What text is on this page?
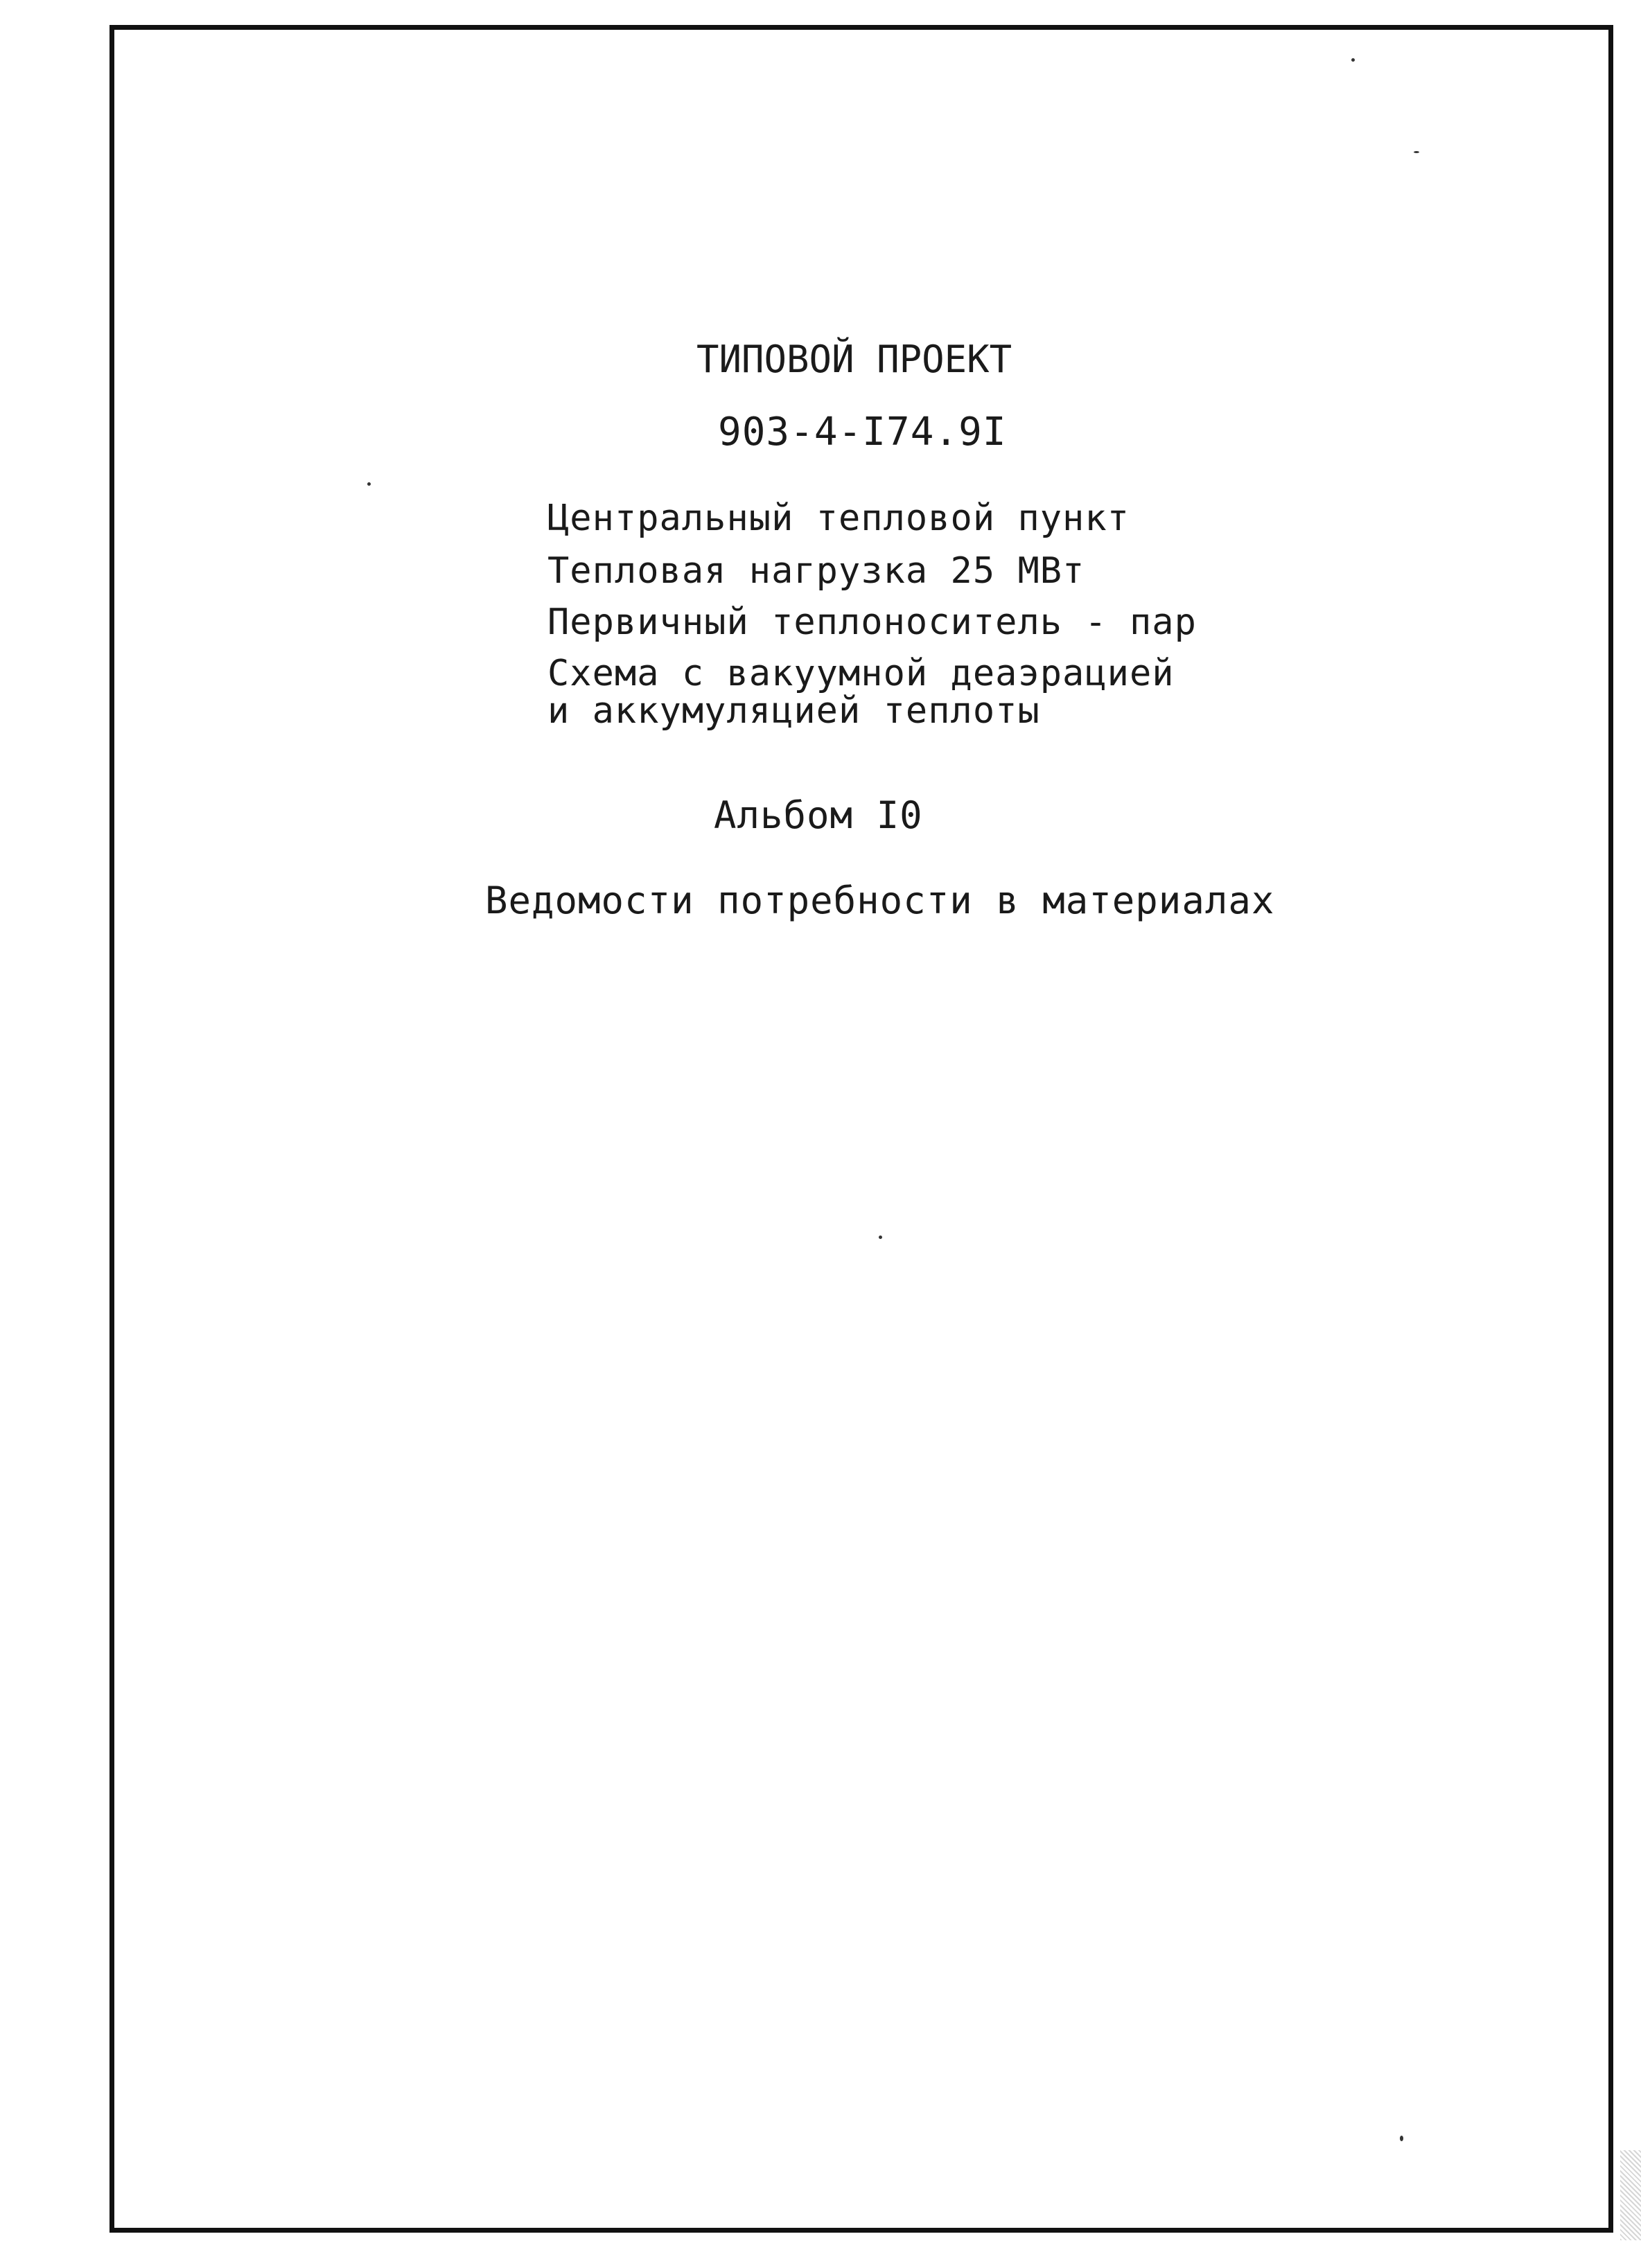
ТИПОВОЙ ПРОЕКТ
903-4-I74.9I
Центральный тепловой пункт
Тепловая нагрузка 25 МВт
Первичный теплоноситель - пар
Схема с вакуумной деаэрацией
и аккумуляцией теплоты
Альбом I0
Ведомости потребности в материалах
